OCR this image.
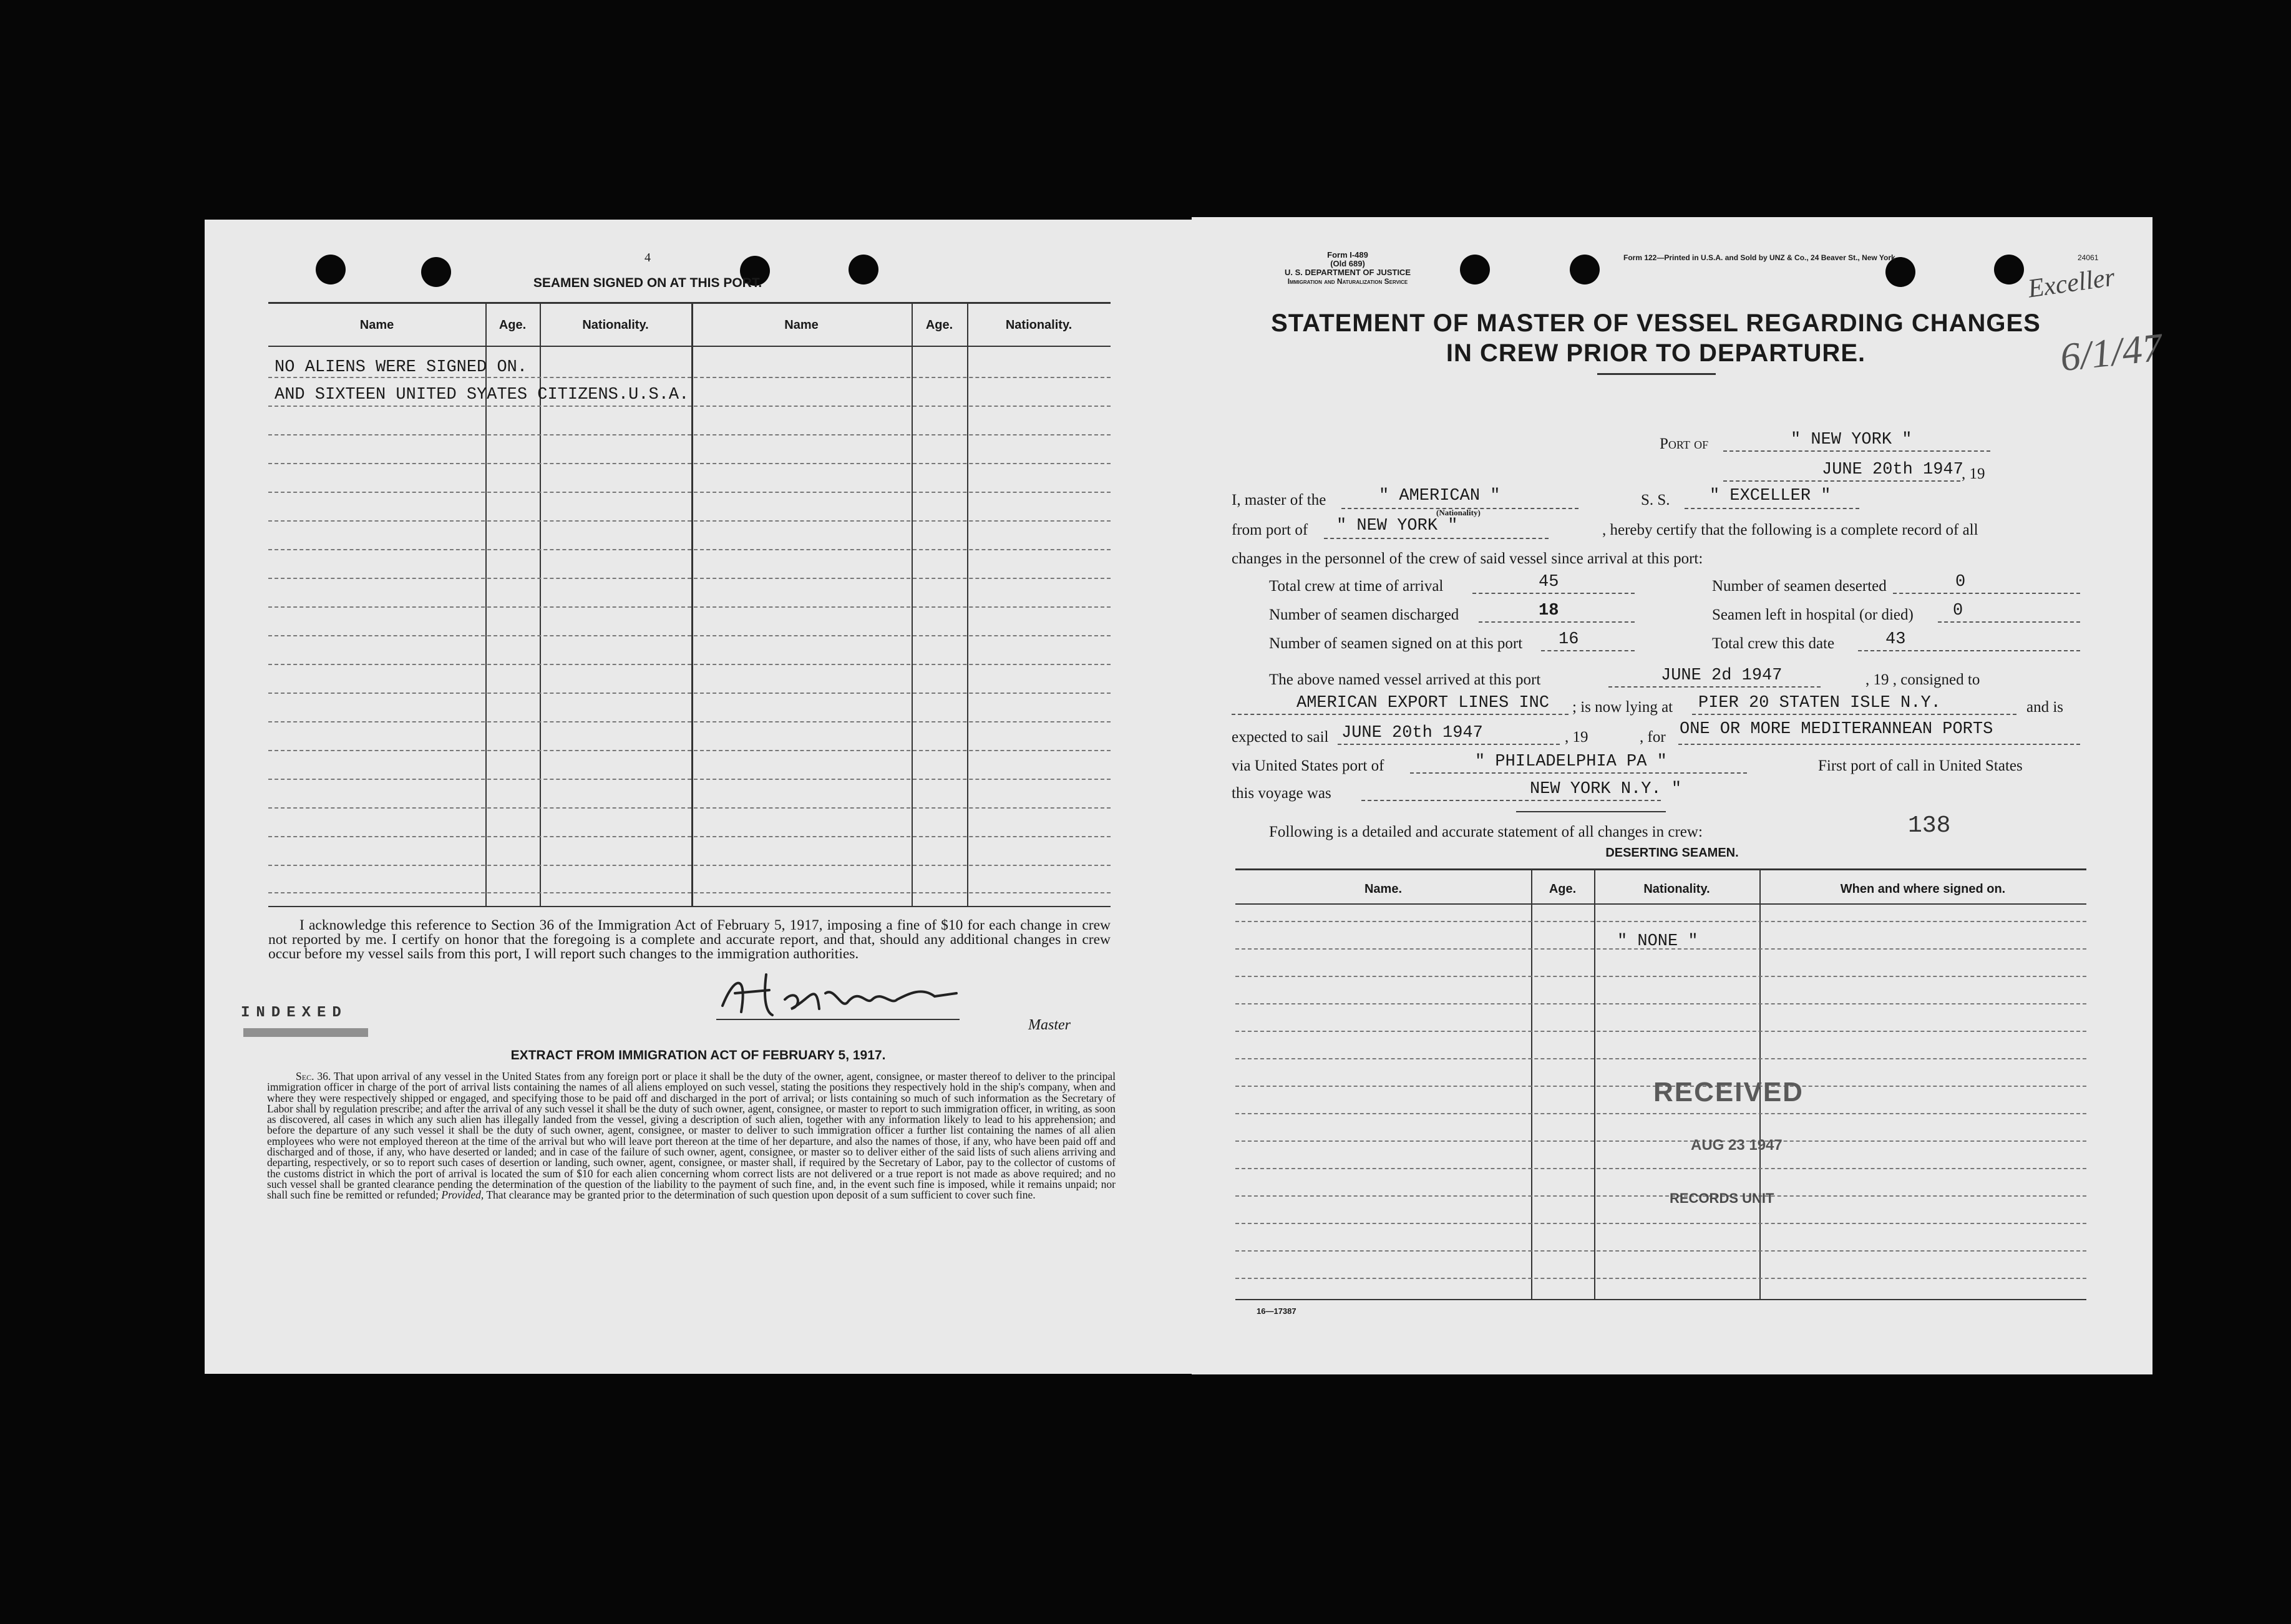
4
SEAMEN SIGNED ON AT THIS PORT.
Name	Age.	Nationality.	Name	Age.	Nationality.
NO ALIENS WERE SIGNED ON.
AND SIXTEEN UNITED SYATES CITIZENS.U.S.A.
I acknowledge this reference to Section 36 of the Immigration Act of February 5, 1917, imposing a fine of $10 for each change in crew not reported by me. I certify on honor that the foregoing is a complete and accurate report, and that, should any additional changes in crew occur before my vessel sails from this port, I will report such changes to the immigration authorities.
Master
INDEXED
EXTRACT FROM IMMIGRATION ACT OF FEBRUARY 5, 1917.
Sec. 36. That upon arrival of any vessel in the United States from any foreign port or place it shall be the duty of the owner, agent, consignee, or master thereof to deliver to the principal immigration officer in charge of the port of arrival lists containing the names of all aliens employed on such vessel, stating the positions they respectively hold in the ship's company, when and where they were respectively shipped or engaged, and specifying those to be paid off and discharged in the port of arrival; or lists containing so much of such information as the Secretary of Labor shall by regulation prescribe; and after the arrival of any such vessel it shall be the duty of such owner, agent, consignee, or master to report to such immigration officer, in writing, as soon as discovered, all cases in which any such alien has illegally landed from the vessel, giving a description of such alien, together with any information likely to lead to his apprehension; and before the departure of any such vessel it shall be the duty of such owner, agent, consignee, or master to deliver to such immigration officer a further list containing the names of all alien employees who were not employed thereon at the time of the arrival but who will leave port thereon at the time of her departure, and also the names of those, if any, who have been paid off and discharged and of those, if any, who have deserted or landed; and in case of the failure of such owner, agent, consignee, or master so to deliver either of the said lists of such aliens arriving and departing, respectively, or so to report such cases of desertion or landing, such owner, agent, consignee, or master shall, if required by the Secretary of Labor, pay to the collector of customs of the customs district in which the port of arrival is located the sum of $10 for each alien concerning whom correct lists are not delivered or a true report is not made as above required; and no such vessel shall be granted clearance pending the determination of the question of the liability to the payment of such fine, and, in the event such fine is imposed, while it remains unpaid; nor shall such fine be remitted or refunded; Provided, That clearance may be granted prior to the determination of such question upon deposit of a sum sufficient to cover such fine.
Form I-489
(Old 689)
U. S. DEPARTMENT OF JUSTICE
Immigration and Naturalization Service
Form 122—Printed in U.S.A. and Sold by UNZ & Co., 24 Beaver St., New York	24061
Exceller
6/1/47
STATEMENT OF MASTER OF VESSEL REGARDING CHANGES
IN CREW PRIOR TO DEPARTURE.
Port of	" NEW YORK "
JUNE 20th 1947
, 19
I, master of the	" AMERICAN "
(Nationality)
S. S. " EXCELLER "
from port of " NEW YORK "	, hereby certify that the following is a complete record of all
changes in the personnel of the crew of said vessel since arrival at this port:
Total crew at time of arrival	45	Number of seamen deserted	0
Number of seamen discharged	18	Seamen left in hospital (or died) 0
Number of seamen signed on at this port 16	Total crew this date	43
The above named vessel arrived at this port	JUNE 2d 1947	, 19 , consigned to
AMERICAN EXPORT LINES INC ; is now lying at PIER 20 STATEN ISLE N.Y.	and is
expected to sail JUNE 20th 1947	, 19	, for ONE OR MORE MEDITERANNEAN PORTS
via United States port of	" PHILADELPHIA PA "	First port of call in United States
this voyage was	NEW YORK N.Y. "
Following is a detailed and accurate statement of all changes in crew:	138
DESERTING SEAMEN.
Name.	Age.	Nationality.	When and where signed on.
" NONE "
RECEIVED
AUG 23 1947
RECORDS UNIT
16—17387
